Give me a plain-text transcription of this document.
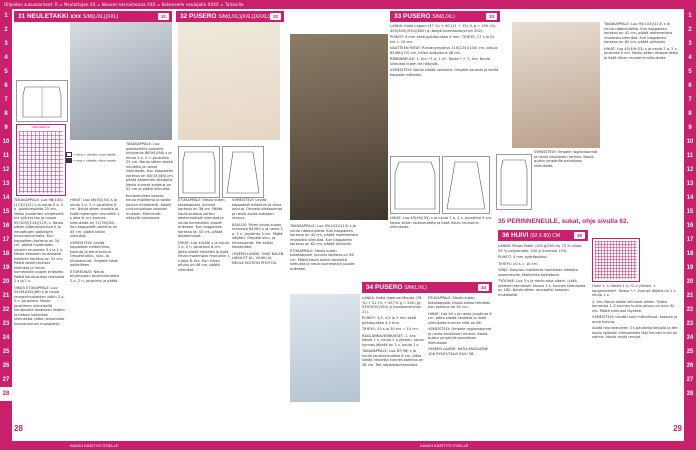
Ohjeiden sukuosanteet: R = Neulottujen XX = Neuvon kerroimeissa XXX = Kokeneelle neulojalle XXXX = Taitaville
KAIKKI KÄSITYÖ ITSELLE	KAIKKI KÄSITYÖ ITSELLE
1
2
3
4
5
6
7
8
9
10
11
12
13
14
15
16
17
18
19
20
21
22
23
24
25
26
27
28
1
2
3
4
5
6
7
8
9
10
11
12
13
14
15
16
17
18
19
20
21
22
23
24
25
26
27
28
31 NEULETAKKI xxx S/M(L/XL)(XXL)	31	32 PUSERO S/M(L/XL)(XXL)(XXXL) 32	33 PUSERO S/M(L/XL)	33
34 PUSERO S/M(L/XL)	34
35 PERINNENEULE, sukat, ohje sivulla 62.
36 HUIVI (92 X 80) CM	36
NEULEMALLI
= oikea s. oikealla, nurja nurjalla
= nurja s. oikealla, oikea nurjalla

TAKAKAPPALE: Luo 98(105)(113)(121) s ja neulo 2 o, 2 n -joustineuletta 25 cm. Neulo joustimen viimeisellä krs sijä krs tas ja nouse 90(105)(114)(125) s. Neulo sitten piiterauskuvioa A ja neulottujen paikkojen kuvioneulonnalla. Kun kappaleen korkeus on 34 cm, päätä molempien sivujen reunoista 3 s ja 1 s. Neulo kaavaan mukaisesti kaikkien korkeus on 52 cm. Päätä keskimmäiset silmukat ja neulo kummatkin puolet erikseen. Päätä kaula-aukon reunasta 2 s ja 1 s.

OIKEA ETUKAPPALE: Luo 54(58)(62)(66) s ja neulo reunasilmukoiden väliin 2 o, 2 n -joustinta. Neulo joustimen viimeisellä kerroksella tasaisesti lisäten ja kaiken kaikkiaan silmukkaa. Jatka neulomista kuviosuunnan mukaisesti.

HIHAT: Luo 46(50)(54) s ja neulo 2 o, 2 n -joustinta 8 cm. Neulo sitten kuviota ja lisää molempiin reunoihin 1 s joka 6. krs kunnes silmukoita on 72(78)(84). Kun kappaleen korkeus on 45 cm, päätä kaikki silmukat.

VIIMEISTELY: Levitä kappaleet mittoihinsa, kostuta ja anna kuivua. Ompele olka-, sivu- ja hihasaumat. Ompele hihat paikoilleen.

ETUREUNAT: Neulo etureunaan joustinneuletta 2 o, 2 n -joustinta ja päätä.

TAKAKAPPALE: Luo pakosemilla puikoilla kirjoneule 86(94)(98) s ja neulo 2 o, 2 n -joustinta 25 cm. Neulo sitten sileää neuletta ja nouse silmukoita. Kun kappaleen korkeus on 40(43)(46) cm, päätä kädentien kohdalta. Neulo kunnes korkeus on 52 cm ja päätä silmukat.

Kuvioneuleen kaavio: neulo mallikerta ja toista kuvion mukaisesti. Kaikki rivit neulotaan kaavion mukaan. Merkinnät näkyvät kaaviossa.

ETUKAPPALE: Neulo kuten takakappale, kunnes korkeus on 36 cm. Päätä kaula-aukkoa varten keskimmäiset silmukat ja neulo kummatkin puolet erikseen. Kun kappaleen korkeus on 52 cm, päätä olkasilmukat.

HIHAT: Luo 44(48) s ja neulo 2 o, 2 n -joustinta 8 cm. Jatka sileää neuletta ja lisää hihan molempiin reunoihin 1 s joka 8. krs. Kun hihan pituus on 46 cm, päätä silmukat.

VIIMEISTELY: Levitä kappaleet mittoihin ja anna kuivua. Ompele olkasaumat ja neulo kaula-aukkoon reunus.

KAULUS: Poimi kaula-aukon reunasta 84(90) s ja neulo 2 o, 2 n -joustinta 3 cm. Päätä väljästi. Ompele sivu- ja hihasaumat. Tee kaikki keskenään.

OHJEEN LÄHDE: OHJE KALEN LIKKA ET AL. VIHKO JA NEULE EDITION PHOTOS.

LANKA: Katia Lagom (47 %) + 60 (21 + 15) % g = 200 (%): 450(500)(550)(600) g (beige-harmaasävyinen 202).

PUIKOT: 4 mm sekä pyöröpuikko 4 mm. TIHEYS: 17 s ja 22 krs = 10 cm.

VAATTEEN MITAT: Rinnanympärys 110(120)(130) cm, pituus 65(68)(70) cm, hihan sisäpituus 48 cm.

RIBBINNEULE: 1. krs: *1 o, 1 n*. Toista *–*. 2. krs: Neulo silmukat kuten ne näkyvät.

VIIMEISTELY: Neulo sileää neulosta. Ompele saumat ja levitä kappale mittoihin.

TAKAKAPPALE: Luo 95(103)(113) s ja neulo ribbineuletta. Kun kappaleen korkeus on 42 cm, päätä molemmista reunoista silmukat. Kun kappaleen korkeus on 62 cm, päätä silmukat.

ETUKAPPALE: Neulo kuten takakappale, kunnes korkeus on 56 cm. Päätä kaula-aukon keskeltä silmukat ja neulo kummatkin puolet erikseen.

HIHAT: Luo 45(49)(53) s ja neulo 2 o, 2 n -joustinta 5 cm. Neulo sitten ribbineuletta ja lisää hihan reunoihin silmukoita.

LANKA: Katia Ingenue Mondo (78 %) + 22 (% + 45) % g = 540 (g): 250(300)(350) g (vaaleansininen 21).

PUIKOT: 3,5, 4,5 ja 5 mm sekä pyöröpuikko 4,5 mm.

TIHEYS: 25 s ja 30 krs = 10 cm.

RAGLANKAVENNUKSET: 1. krs: Neulo 1 s, neulo 2 o yhteen, neulo kunnes jäljellä on 3 s, neulo 1 s.

TAKAKAPPALE: Luo 87(96) s ja neulo joustinneuletta 6 cm. Jatka sileää neuletta kunnes korkeus on 38 cm. Tee raglankavennukset.

ETUKAPPALE: Neulo kuten takakappale. Kaula-aukko tehdään kun korkeus on 50 cm.

HIHAT: Luo 40 s ja neulo joustinta 6 cm. Jatka sileää neuletta ja lisää silmukoita kunnes niitä on 66.

VIIMEISTELY: Ompele raglansaumat ja neulo kauluksen reunus. Kaula-aukon ympärille poimitaan silmukoita.

OHJEEN LÄHDE: KATIA MAGAZINE 106 SYKSY/TALVI SIVU 58.

TAKAKAPPALE: Luo 95(103)(113) s ja neulo ribbineuletta. Kun kappaleen korkeus on 42 cm, päätä molemmista reunoista silmukat. Kun kappaleen korkeus on 62 cm, päätä silmukat.

HIHAT: Luo 45(49)(53) s ja neulo 2 o, 2 n -joustinta 5 cm. Neulo sitten ribbineuletta ja lisää hihan reunoihin silmukoita.

VIIMEISTELY: Ompele raglansaumat ja neulo kauluksen reunus. Kaula-aukon ympärille poimitaan silmukoita.

LANKA: Drops Fabel (100 g/205 m) 75 % villaa, 25 % polyamidia: 200 g (harmaa 103).

PUIKOT: 4 mm pyöröpuikko.

TIHEYS: 20 s = 10 cm.

VIHJE: Kaavion mallikerta neulotaan oikealta vasemmalle. Mallikerta toistetaan.

TYÖOHJE: Luo 3 s ja neulo aina oikein. Lisää jokaisen kerroksen alussa 1 s, kunnes silmukoita on 180. Neulo sitten reunapitsi kaavion mukaisesti.

Huivi 1. s: Neulo 1 s, *2 o yhteen, 1 langankierto*. Toista *–*, kunnes jäljellä on 1 s, neulo 1 o.

2. krs: Neulo kaikki silmukat oikein. Toista kerroksia 1–2 kunnes huivin pituus on noin 92 cm. Päätä silmukat löysästi.

VIIMEISTELY: Levitä huivi mittoihinsa, kostuta ja anna kuivua.

Aloitä reunaneuleen 3 s pituisella ketjulla ja tee kuvio kaikkien silmukoiden läpi kunnes huivi on valmis. Neulo myös reunat.

28	29
